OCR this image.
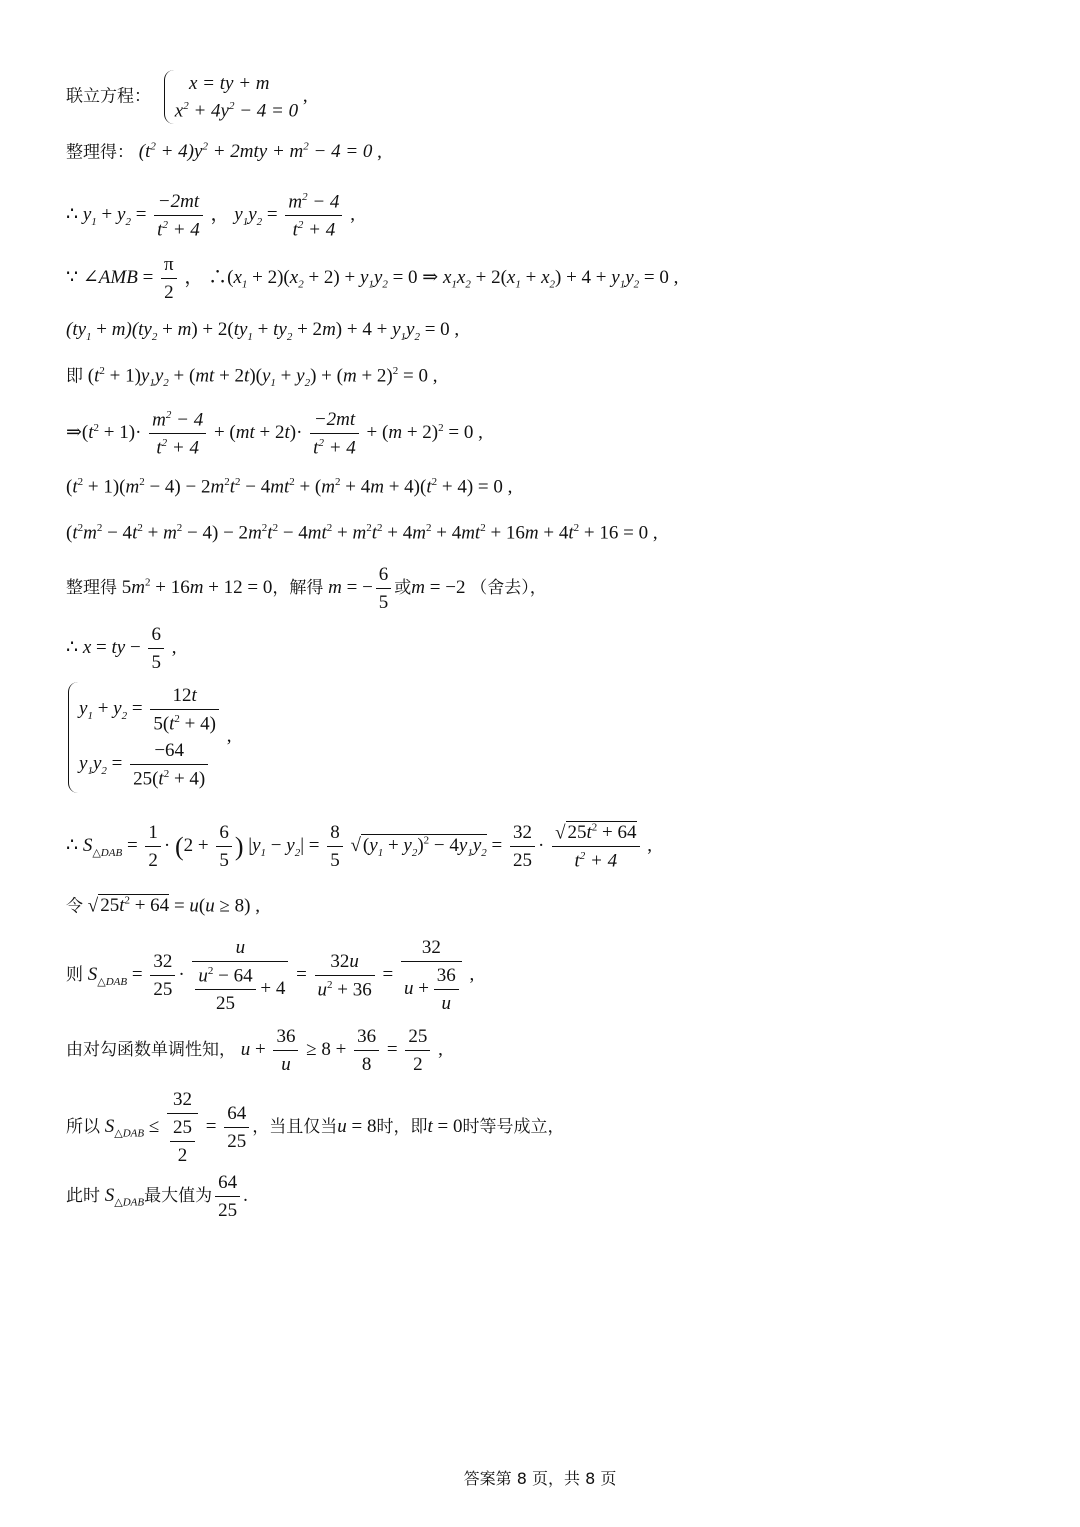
联立方程：
x = ty + m
$x^2 + 4y^2 - 4 = 0$
,
整理得： $(t^2 + 4)y^2 + 2mty + m^2 - 4 = 0$ ,
∴ $y_1 + y_2 = \frac{-2mt}{t^2 + 4}$ ， $y_1y_2 = \frac{m^2 - 4}{t^2 + 4}$ ,
∵ ∠AMB = $\frac{\pi}{2}$ ， $\therefore(x_1 + 2)(x_2 + 2) + y_1y_2 = 0$ ⇒ $x_1x_2 + 2(x_1 + x_2) + 4 + y_1y_2 = 0$ ,
$(ty_1 + m)(ty_2 + m) + 2(ty_1 + ty_2 + 2m) + 4 + y_1y_2 = 0$ ,
即 $(t^2 + 1)y_1y_2 + (mt + 2t)(y_1 + y_2) + (m + 2)^2 = 0$ ,
$\Rightarrow(t^2 + 1)\cdot \frac{m^2 - 4}{t^2 + 4} + (mt + 2t)\cdot \frac{-2mt}{t^2 + 4} + (m + 2)^2 = 0$ ,
$(t^2 + 1)(m^2 - 4) - 2m^2t^2 - 4mt^2 + (m^2 + 4m + 4)(t^2 + 4) = 0$ ,
$(t^2m^2 - 4t^2 + m^2 - 4) - 2m^2t^2 - 4mt^2 + m^2t^2 + 4m^2 + 4mt^2 + 16m + 4t^2 + 16 = 0$ ,
整理得 $5m^2 + 16m + 12 = 0$，解得 m = − $\frac{6}{5}$ 或m = −2 （舍去），
∴ x = ty − $\frac{6}{5}$ ,
$y_1 + y_2 = \frac{12t}{5(t^2 + 4)}$
$y_1y_2 = \frac{-64}{25(t^2 + 4)}$
,
∴ $S_{\triangle DAB} = \frac{1}{2} \cdot (2 + \frac{6}{5}$ ) $|y_1 - y_2| = \frac{8}{5}$ √ $(y_1 + y_2)^2 - 4y_1y_2 = \frac{32}{25} \cdot \frac{√ 25t^2 + 64}{t^2 + 4}$ ,
令 √ $25t^2 + 64 = u(u \ge 8)$ ,
则 $S_{\triangle DAB} = \frac{32}{25} \cdot \frac{u}{\frac{u^2 - 64}{25} + 4} = \frac{32u}{u^2 + 36} = \frac{32}{u + \frac{36}{u}}$ ,
由对勾函数单调性知， $u + \frac{36}{u} \ge 8 + \frac{36}{8} = \frac{25}{2}$ ,
所以 $S_{\triangle DAB} \le \frac{32}{\frac{25}{2}} = \frac{64}{25}$ ，当且仅当u = 8时，即t = 0时等号成立，
此时 $S_{\triangle DAB}$最大值为 $\frac{64}{25}$ .
答案第 8 页，共 8 页
